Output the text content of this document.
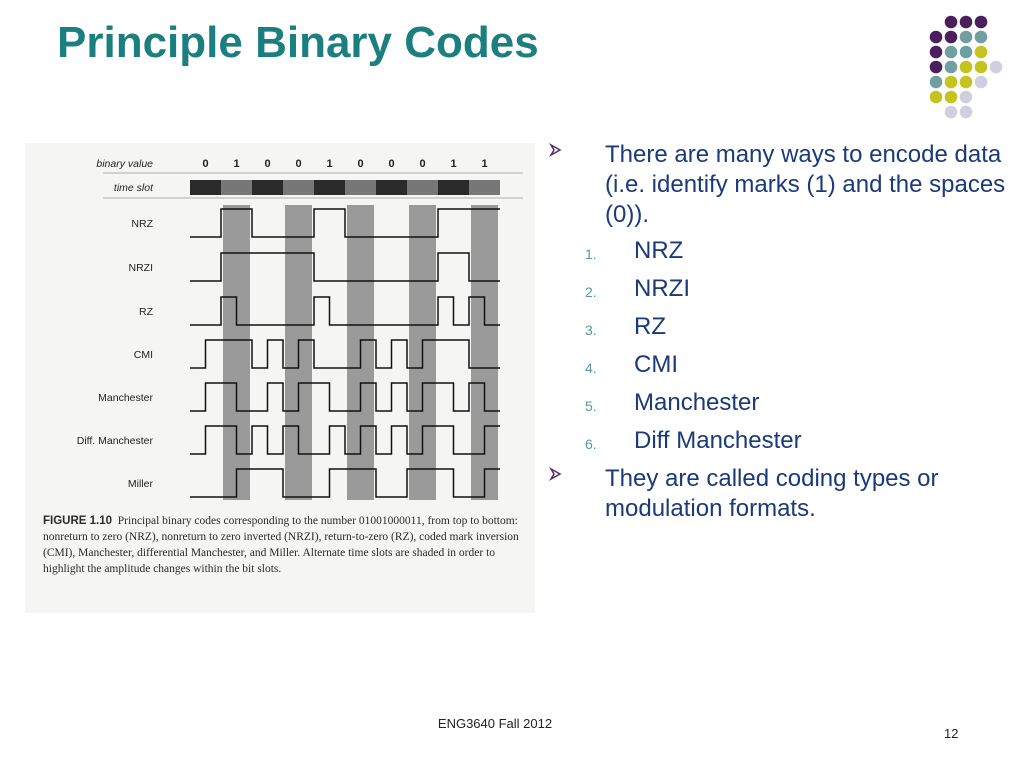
Principle Binary Codes
binary value
time slot
NRZ
NRZI
RZ
CMI
Manchester
Diff. Manchester
Miller
0 1 0 0 1 0 0 0 1 1
FIGURE 1.10 Principal binary codes corresponding to the number 01001000011, from top to bottom: nonreturn to zero (NRZ), nonreturn to zero inverted (NRZI), return-to-zero (RZ), coded mark inversion (CMI), Manchester, differential Manchester, and Miller. Alternate time slots are shaded in order to highlight the amplitude changes within the bit slots.
There are many ways to encode data (i.e. identify marks (1) and the spaces (0)).
1. NRZ
2. NRZI
3. RZ
4. CMI
5. Manchester
6. Diff Manchester
They are called coding types or modulation formats.
ENG3640 Fall 2012
12
